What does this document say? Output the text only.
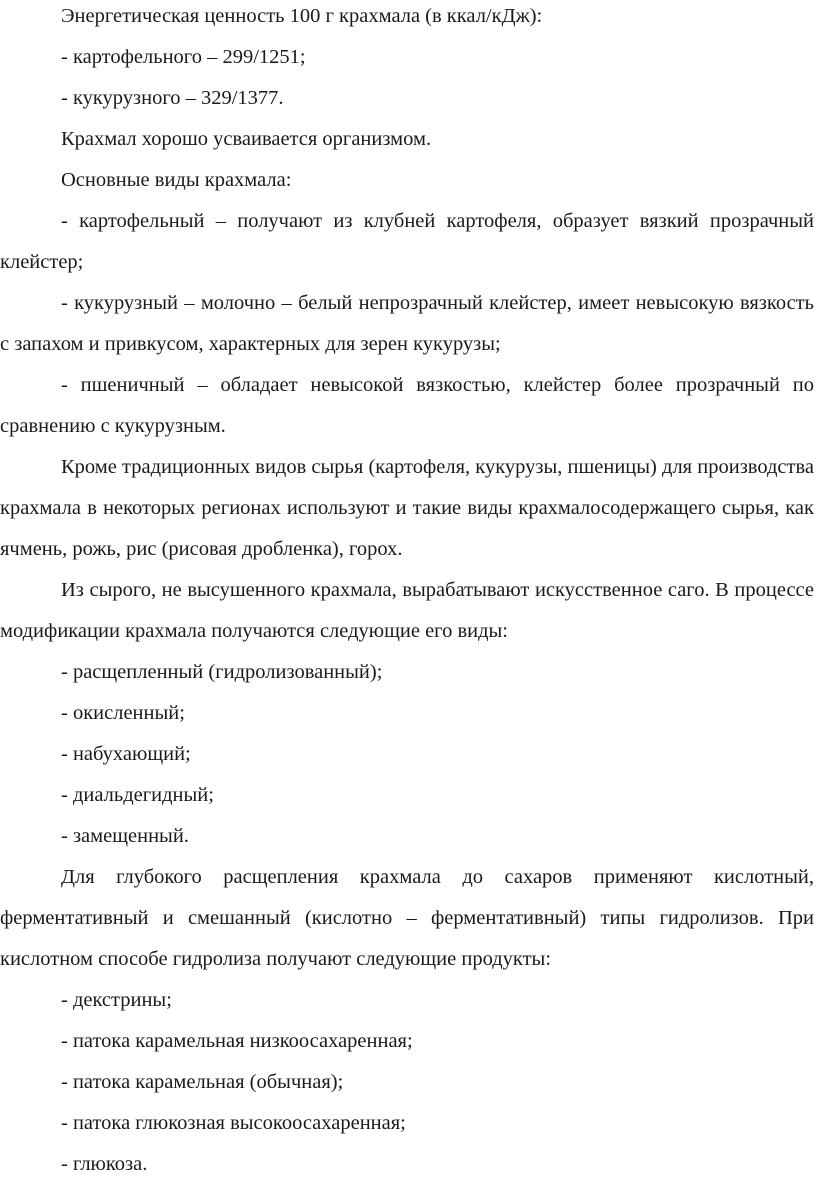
Энергетическая ценность 100 г крахмала (в ккал/кДж):

- картофельного – 299/1251;

- кукурузного – 329/1377.

Крахмал хорошо усваивается организмом.

Основные виды крахмала:

- картофельный – получают из клубней картофеля, образует вязкий прозрачный клейстер;

- кукурузный – молочно – белый непрозрачный клейстер, имеет невысокую вязкость с запахом и привкусом, характерных для зерен кукурузы;

- пшеничный – обладает невысокой вязкостью, клейстер более прозрачный по сравнению с кукурузным.

Кроме традиционных видов сырья (картофеля, кукурузы, пшеницы) для производства крахмала в некоторых регионах используют и такие виды крахмалосодержащего сырья, как ячмень, рожь, рис (рисовая дробленка), горох.

Из сырого, не высушенного крахмала, вырабатывают искусственное саго. В процессе модификации крахмала получаются следующие его виды:

- расщепленный (гидролизованный);

- окисленный;

- набухающий;

- диальдегидный;

- замещенный.

Для глубокого расщепления крахмала до сахаров применяют кислотный, ферментативный и смешанный (кислотно – ферментативный) типы гидролизов. При кислотном способе гидролиза получают следующие продукты:

- декстрины;

- патока карамельная низкоосахаренная;

- патока карамельная (обычная);

- патока глюкозная высокоосахаренная;

- глюкоза.
